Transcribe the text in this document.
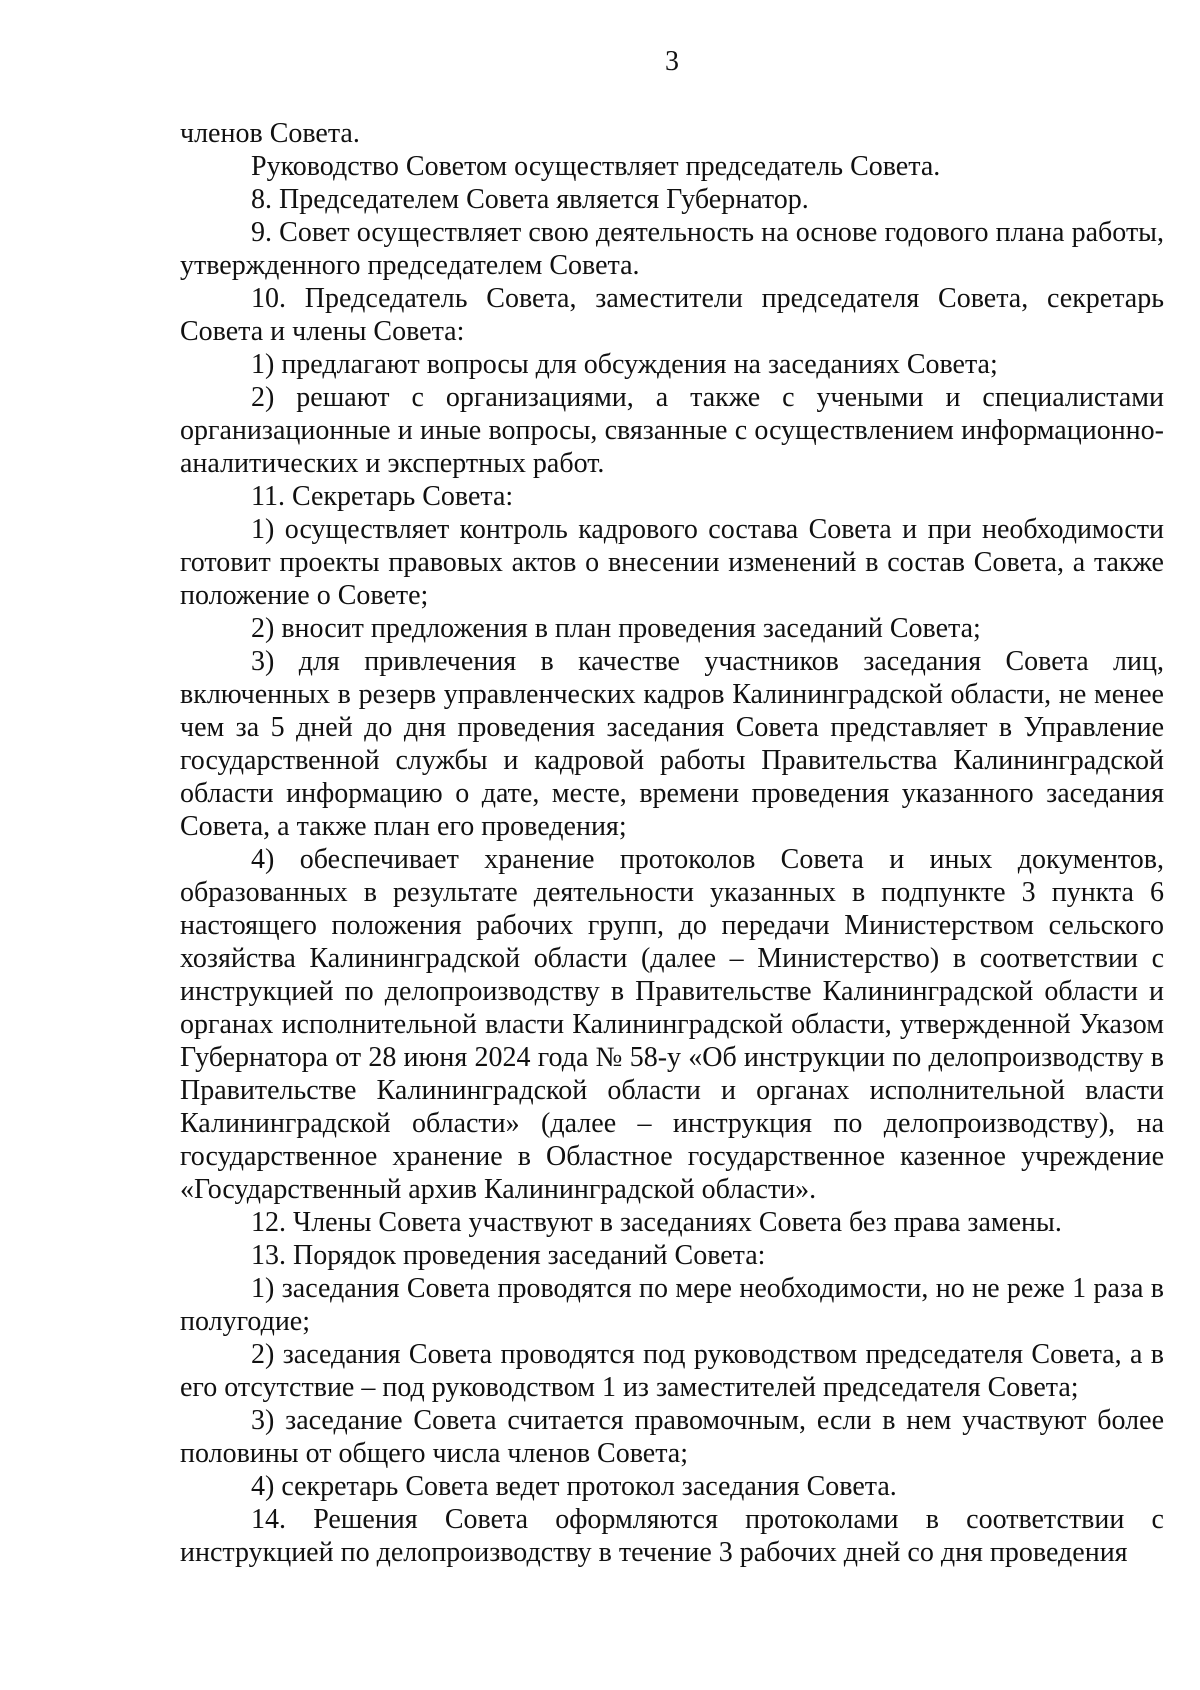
3

членов Совета.

Руководство Советом осуществляет председатель Совета.

8. Председателем Совета является Губернатор.

9. Совет осуществляет свою деятельность на основе годового плана работы, утвержденного председателем Совета.

10. Председатель Совета, заместители председателя Совета, секретарь Совета и члены Совета:

1) предлагают вопросы для обсуждения на заседаниях Совета;

2) решают с организациями, а также с учеными и специалистами организационные и иные вопросы, связанные с осуществлением информационно-аналитических и экспертных работ.

11. Секретарь Совета:

1) осуществляет контроль кадрового состава Совета и при необходимости готовит проекты правовых актов о внесении изменений в состав Совета, а также положение о Совете;

2) вносит предложения в план проведения заседаний Совета;

3) для привлечения в качестве участников заседания Совета лиц, включенных в резерв управленческих кадров Калининградской области, не менее чем за 5 дней до дня проведения заседания Совета представляет в Управление государственной службы и кадровой работы Правительства Калининградской области информацию о дате, месте, времени проведения указанного заседания Совета, а также план его проведения;

4) обеспечивает хранение протоколов Совета и иных документов, образованных в результате деятельности указанных в подпункте 3 пункта 6 настоящего положения рабочих групп, до передачи Министерством сельского хозяйства Калининградской области (далее – Министерство) в соответствии с инструкцией по делопроизводству в Правительстве Калининградской области и органах исполнительной власти Калининградской области, утвержденной Указом Губернатора от 28 июня 2024 года № 58-у «Об инструкции по делопроизводству в Правительстве Калининградской области и органах исполнительной власти Калининградской области» (далее – инструкция по делопроизводству), на государственное хранение в Областное государственное казенное учреждение «Государственный архив Калининградской области».

12. Члены Совета участвуют в заседаниях Совета без права замены.

13. Порядок проведения заседаний Совета:

1) заседания Совета проводятся по мере необходимости, но не реже 1 раза в полугодие;

2) заседания Совета проводятся под руководством председателя Совета, а в его отсутствие – под руководством 1 из заместителей председателя Совета;

3) заседание Совета считается правомочным, если в нем участвуют более половины от общего числа членов Совета;

4) секретарь Совета ведет протокол заседания Совета.

14. Решения Совета оформляются протоколами в соответствии с инструкцией по делопроизводству в течение 3 рабочих дней со дня проведения
